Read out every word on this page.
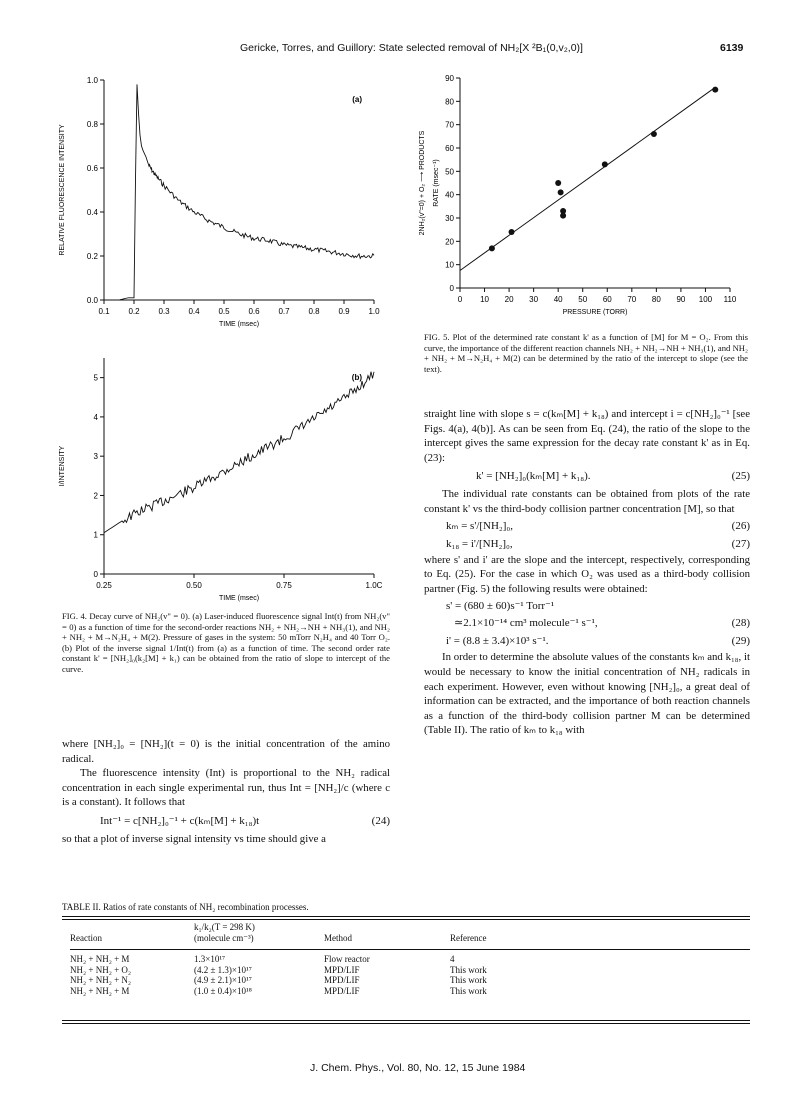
Gericke, Torres, and Guillory: State selected removal of NH₂[X ²B₁(0,v₂,0)]	6139
0.1 0.2 0.3 0.4 0.5 0.6 0.7 0.8 0.9 1.0
0.0
0.2
0.4
0.6
0.8
1.0
TIME (msec)
RELATIVE FLUORESCENCE INTENSITY
(a)
0.25	0.50	0.75	1.0C
0
1
2
3
4
5
TIME (msec)
I/INTENSITY
(b)
0 10 20 30 40 50 60 70 80 90 100 110
0
10
20
30
40
50
60
70
80
90
PRESSURE (TORR)
RATE (msec⁻¹)
2NH₂(v"=0) + O₂ ⟶ PRODUCTS
FIG. 4. Decay curve of NH₂(v" = 0). (a) Laser-induced fluorescence signal Int(t) from NH₂(v" = 0) as a function of time for the second-order reactions NH₂ + NH₂→NH + NH₃(1), and NH₂ + NH₂ + M→N₂H₄ + M(2). Pressure of gases in the system: 50 mTorr N₂H₄ and 40 Torr O₂. (b) Plot of the inverse signal 1/Int(t) from (a) as a function of time. The second order rate constant k' = [NH₂]₀(k₂[M] + k₁) can be obtained from the ratio of slope to intercept of the curve.
FIG. 5. Plot of the determined rate constant k' as a function of [M] for M = O₂. From this curve, the importance of the different reaction channels NH₂ + NH₂→NH + NH₃(1), and NH₂ + NH₂ + M→N₂H₄ + M(2) can be determined by the ratio of the intercept to slope (see the text).

where [NH₂]₀ = [NH₂](t = 0) is the initial concentration of the amino radical.

The fluorescence intensity (Int) is proportional to the NH₂ radical concentration in each single experimental run, thus Int = [NH₂]/c (where c is a constant). It follows that

Int⁻¹ = c[NH₂]₀⁻¹ + c(kₘ[M] + k₁₈)t	(24)

so that a plot of inverse signal intensity vs time should give a

straight line with slope s = c(kₘ[M] + k₁₈) and intercept i = c[NH₂]₀⁻¹ [see Figs. 4(a), 4(b)]. As can be seen from Eq. (24), the ratio of the slope to the intercept gives the same expression for the decay rate constant k' as in Eq. (23):

k' = [NH₂]₀(kₘ[M] + k₁₈).	(25)

The individual rate constants can be obtained from plots of the rate constant k' vs the third-body collision partner concentration [M], so that

kₘ = s'/[NH₂]₀,	(26)
k₁₈ = i'/[NH₂]₀,	(27)

where s' and i' are the slope and the intercept, respectively, corresponding to Eq. (25). For the case in which O₂ was used as a third-body collision partner (Fig. 5) the following results were obtained:

s' = (680 ± 60)s⁻¹ Torr⁻¹
≃2.1×10⁻¹⁴ cm³ molecule⁻¹ s⁻¹,	(28)
i' = (8.8 ± 3.4)×10³ s⁻¹.	(29)

In order to determine the absolute values of the constants kₘ and k₁₈, it would be necessary to know the initial concentration of NH₂ radicals in each experiment. However, even without knowing [NH₂]₀, a great deal of information can be extracted, and the importance of both reaction channels as a function of the third-body collision partner M can be determined (Table II). The ratio of kₘ to k₁₈ with

TABLE II. Ratios of rate constants of NH₂ recombination processes.
	k₁/k₂(T = 298 K)		
Reaction	(molecule cm⁻³)	Method	Reference

NH₂ + NH₂ + M	1.3×10¹⁷	Flow reactor	4
NH₂ + NH₂ + O₂	(4.2 ± 1.3)×10¹⁷	MPD/LIF	This work
NH₂ + NH₂ + N₂	(4.9 ± 2.1)×10¹⁷	MPD/LIF	This work
NH₂ + NH₂ + M	(1.0 ± 0.4)×10¹⁸	MPD/LIF	This work
J. Chem. Phys., Vol. 80, No. 12, 15 June 1984
